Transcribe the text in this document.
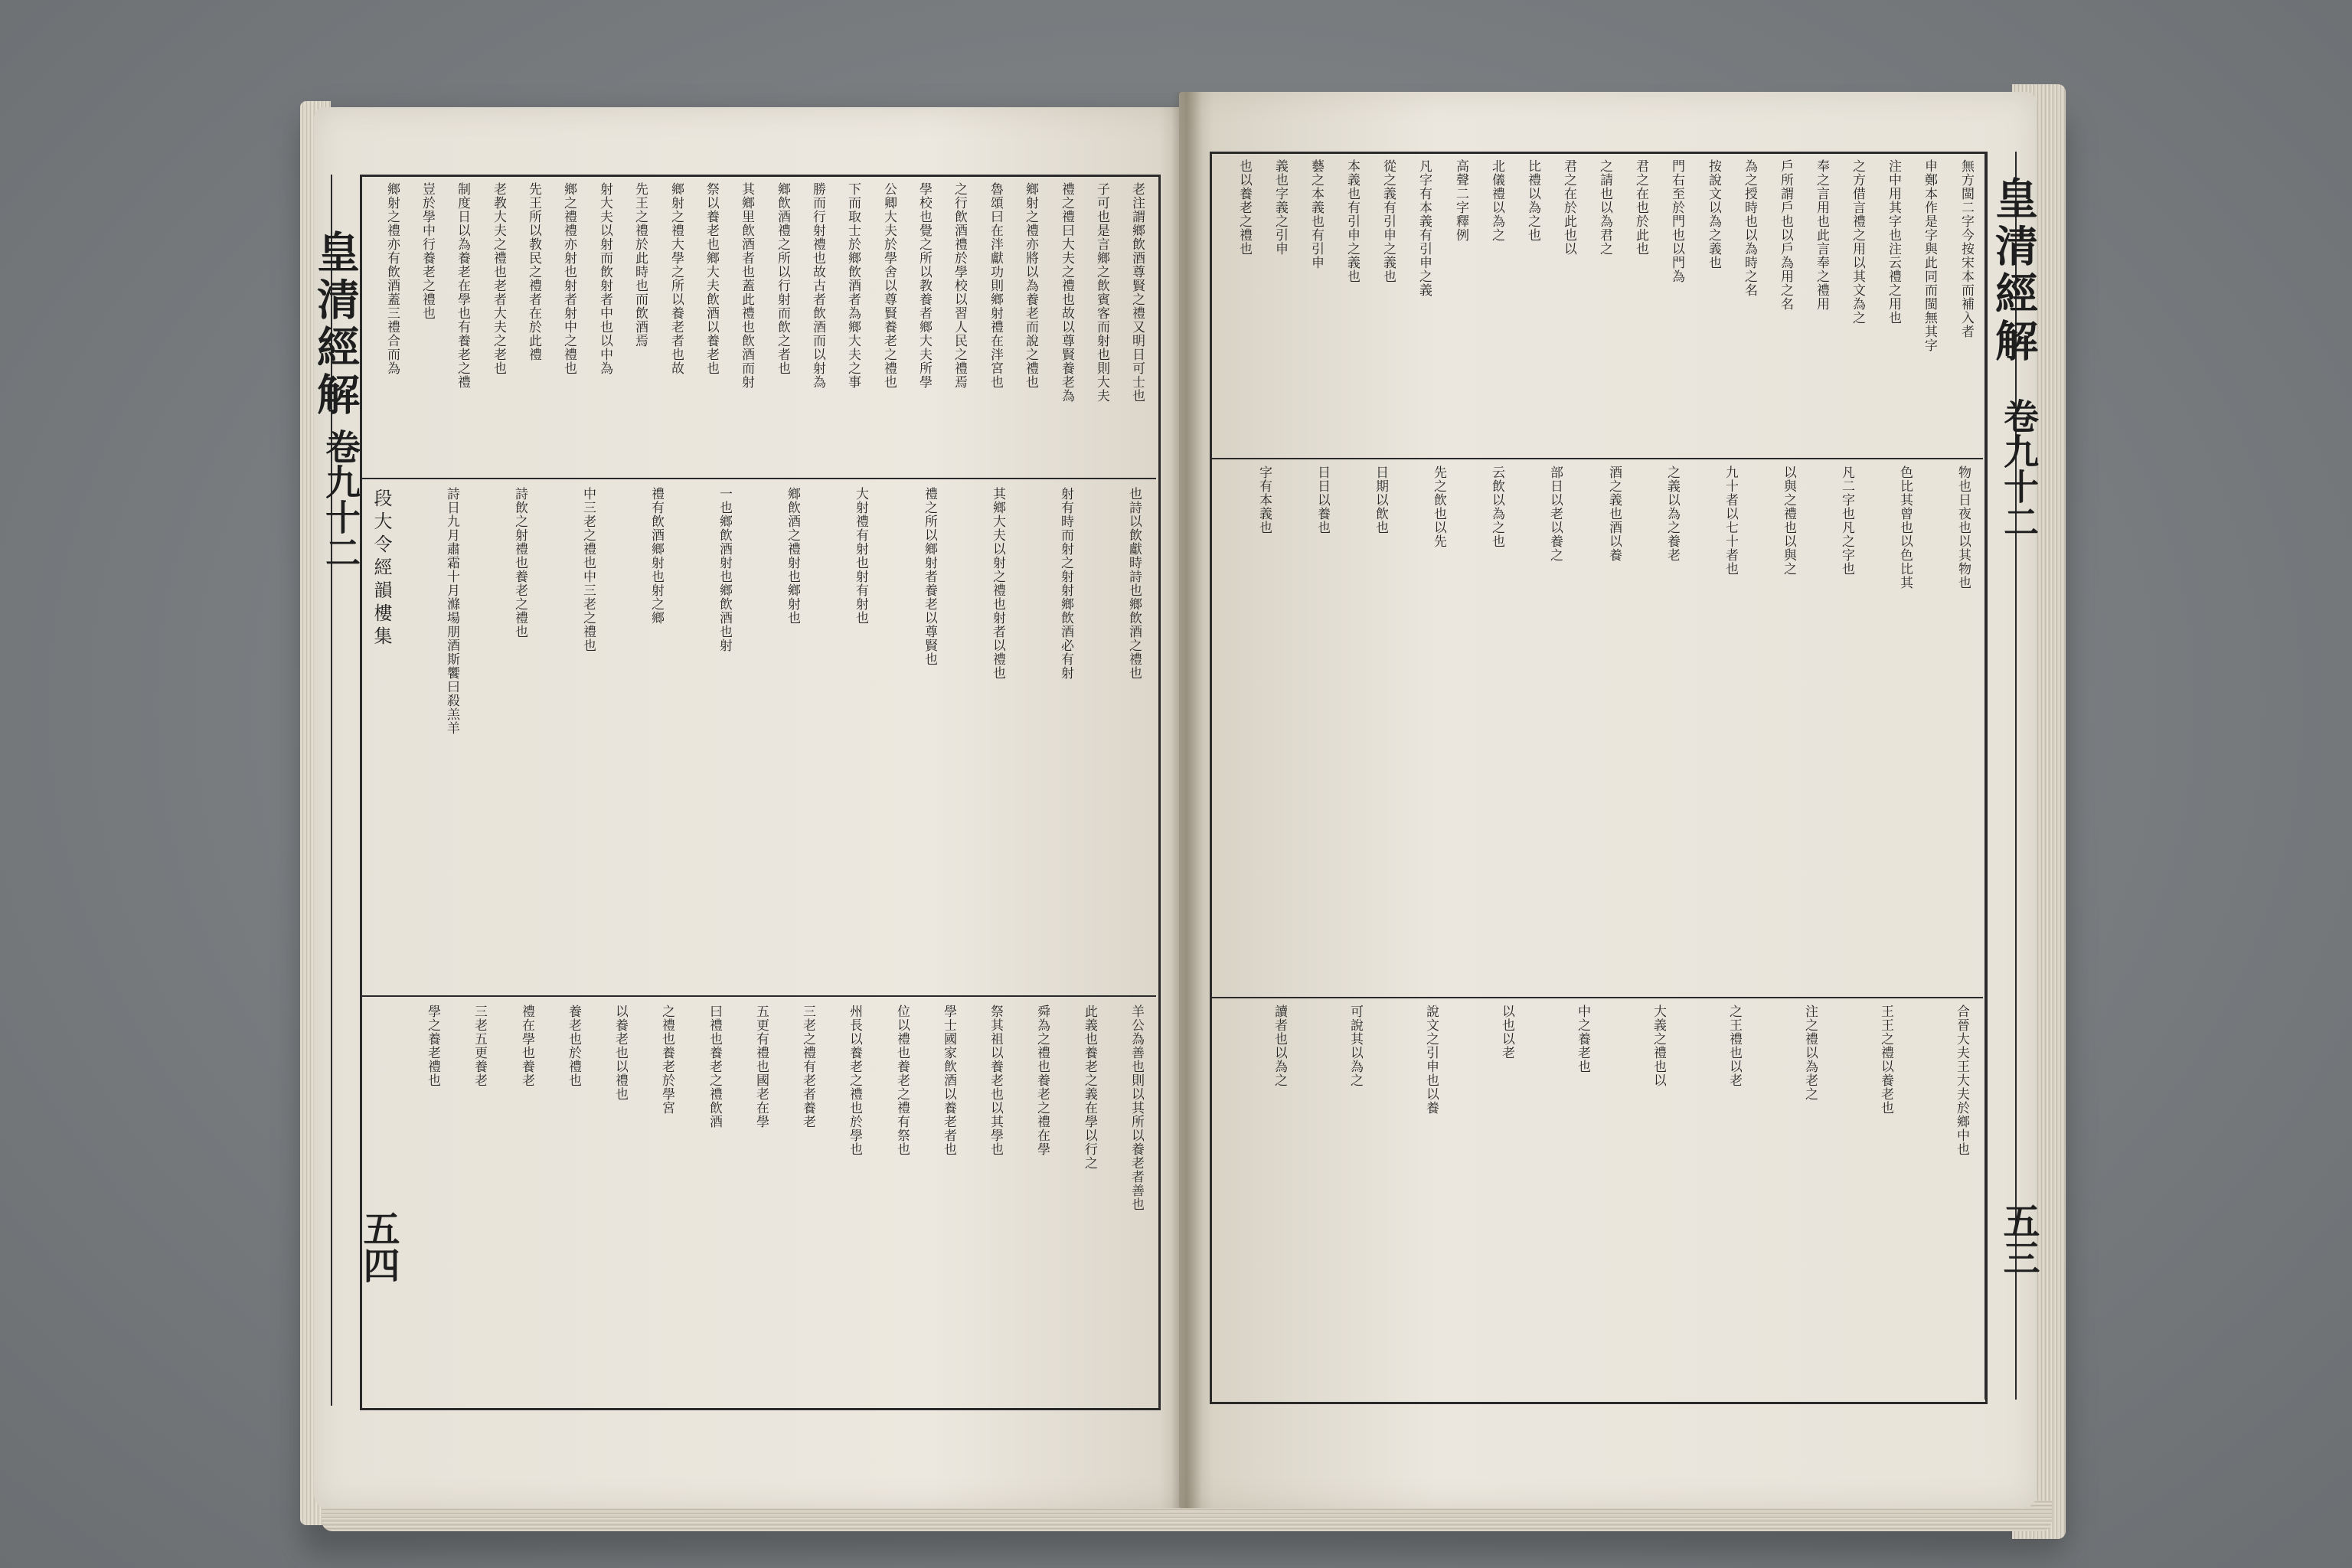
皇清經解
卷九十二
五四
皇清經解
卷九十二
五三
段大令經韻樓集
老注謂鄉飲酒尊賢之禮又明日可士也
子可也是言鄉之飲賓客而射也則大夫
禮之禮曰大夫之禮也故以尊賢養老為
鄉射之禮亦將以為養老而說之禮也
魯頌曰在泮獻功則鄉射禮在泮宮也
之行飲酒禮於學校以習人民之禮焉
學校也覺之所以教養者鄉大夫所學
公卿大夫於學舍以尊賢養老之禮也
下而取士於鄉飲酒者為鄉大夫之事
勝而行射禮也故古者飲酒而以射為
鄉飲酒禮之所以行射而飲之者也
其鄉里飲酒者也蓋此禮也飲酒而射
祭以養老也鄉大夫飲酒以養老也
鄉射之禮大學之所以養老者也故
先王之禮於此時也而飲酒焉
射大夫以射而飲射者中也以中為
鄉之禮禮亦射也射者射中之禮也
先王所以教民之禮者在於此禮
老教大夫之禮也老者大夫之老也
制度日以為養老在學也有養老之禮
豈於學中行養老之禮也
鄉射之禮亦有飲酒蓋三禮合而為
也詩以飲獻時詩也鄉飲酒之禮也
射有時而射之射射鄉飲酒必有射
其鄉大夫以射之禮也射者以禮也
禮之所以鄉射者養老以尊賢也
大射禮有射也射有射也
鄉飲酒之禮射也鄉射也
一也鄉飲酒射也鄉飲酒也射
禮有飲酒鄉射也射之鄉
中三老之禮也中三老之禮也
詩飲之射禮也養老之禮也
詩日九月肅霜十月滌場朋酒斯饗曰殺羔羊
羊公為善也則以其所以養老者善也
此義也養老之義在學以行之
舜為之禮也養老之禮在學
祭其祖以養老也以其學也
學士國家飲酒以養老者也
位以禮也養老之禮有祭也
州長以養老之禮也於學也
三老之禮有老者養老
五更有禮也國老在學
曰禮也養老之禮飲酒
之禮也養老於學宮
以養老也以禮也
養老也於禮也
禮在學也養老
三老五更養老
學之養老禮也
無方閩二字今按宋本而補入者
申鄭本作是字與此同而閩無其字
注中用其字也注云禮之用也
之方借言禮之用以其文為之
奉之言用也此言奉之禮用
戶所謂戶也以戶為用之名
為之授時也以為時之名
按說文以為之義也
門右至於門也以門為
君之在也於此也
之請也以為君之
君之在於此也以
比禮以為之也
北儀禮以為之
高聲二字釋例
凡字有本義有引申之義
從之義有引申之義也
本義也有引申之義也
藝之本義也有引申
義也字義之引申
也以養老之禮也
物也日夜也以其物也
色比其曾也以色比其
凡二字也凡之字也
以與之禮也以與之
九十者以七十者也
之義以為之養老
酒之義也酒以養
部日以老以養之
云飲以為之也
先之飲也以先
日期以飲也
日日以養也
字有本義也
合晉大夫王大夫於鄉中也
王王之禮以養老也
注之禮以為老之
之王禮也以老
大義之禮也以
中之養老也
以也以老
說文之引申也以養
可說其以為之
讀者也以為之
